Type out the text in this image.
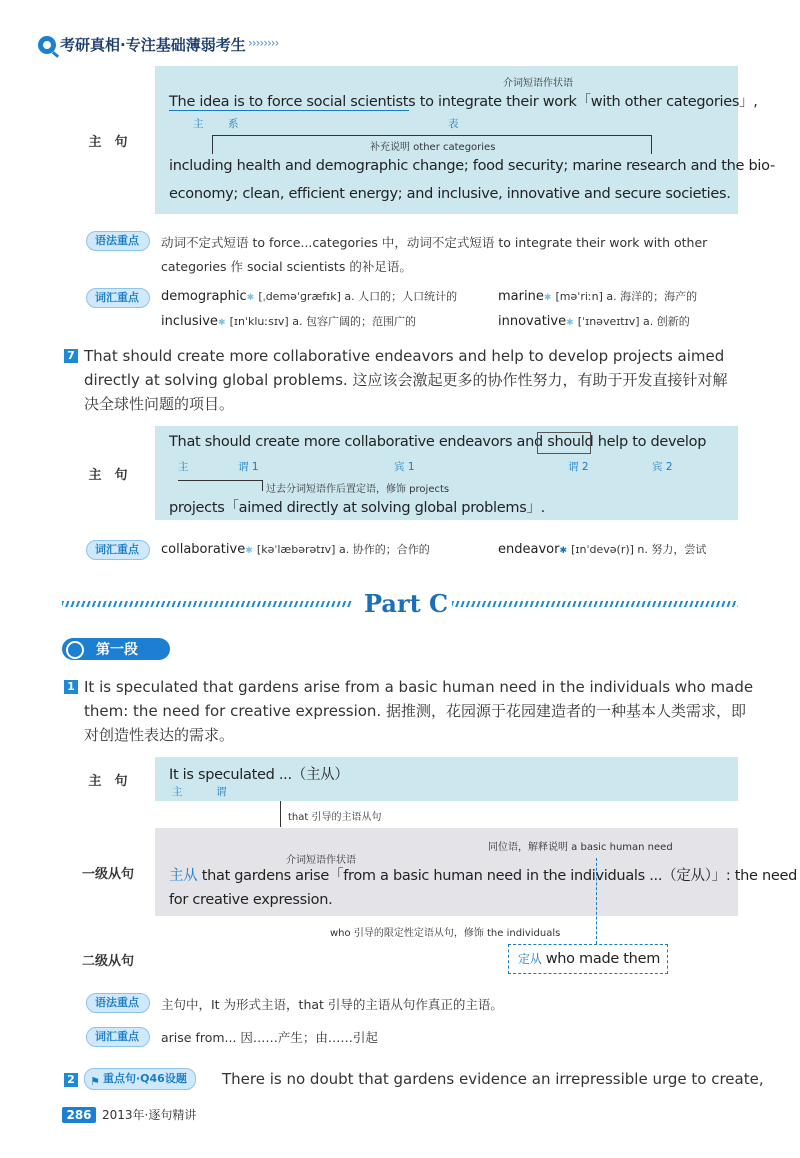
考研真相·专注基础薄弱考生 ››››››››
主　句
介词短语作状语
The idea is to force social scientists to integrate their work「with other categories」,
主 系	表
补充说明 other categories
including health and demographic change; food security; marine research and the bio-
economy; clean, efficient energy; and inclusive, innovative and secure societies.
语法重点	动词不定式短语 to force...categories 中，动词不定式短语 to integrate their work with other
categories 作 social scientists 的补足语。
词汇重点	demographic✱ [ˌdeməˈɡræfɪk] a. 人口的；人口统计的	marine✱ [məˈriːn] a. 海洋的；海产的
inclusive✱ [ɪnˈkluːsɪv] a. 包容广阔的；范围广的	innovative✱ [ˈɪnəveɪtɪv] a. 创新的
7 That should create more collaborative endeavors and help to develop projects aimed
directly at solving global problems. 这应该会激起更多的协作性努力，有助于开发直接针对解
决全球性问题的项目。
主　句
That should create more collaborative endeavors and should help to develop
主	谓 1	宾 1	谓 2	宾 2
过去分词短语作后置定语，修饰 projects
projects「aimed directly at solving global problems」.
词汇重点	collaborative✱ [kəˈlæbərətɪv] a. 协作的；合作的	endeavor✱ [ɪnˈdevə(r)] n. 努力，尝试
Part C
第一段
1 It is speculated that gardens arise from a basic human need in the individuals who made
them: the need for creative expression. 据推测，花园源于花园建造者的一种基本人类需求，即
对创造性表达的需求。
主　句	It is speculated ...（主从）
主	谓
that 引导的主语从句
一级从句
同位语，解释说明 a basic human need
介词短语作状语
主从 that gardens arise「from a basic human need in the individuals ...（定从）」: the need
for creative expression.
who 引导的限定性定语从句，修饰 the individuals
二级从句	定从 who made them
语法重点	主句中，It 为形式主语，that 引导的主语从句作真正的主语。
词汇重点	arise from... 因……产生；由……引起
2 ⚑ 重点句·Q46设题	There is no doubt that gardens evidence an irrepressible urge to create,
286 2013年·逐句精讲
